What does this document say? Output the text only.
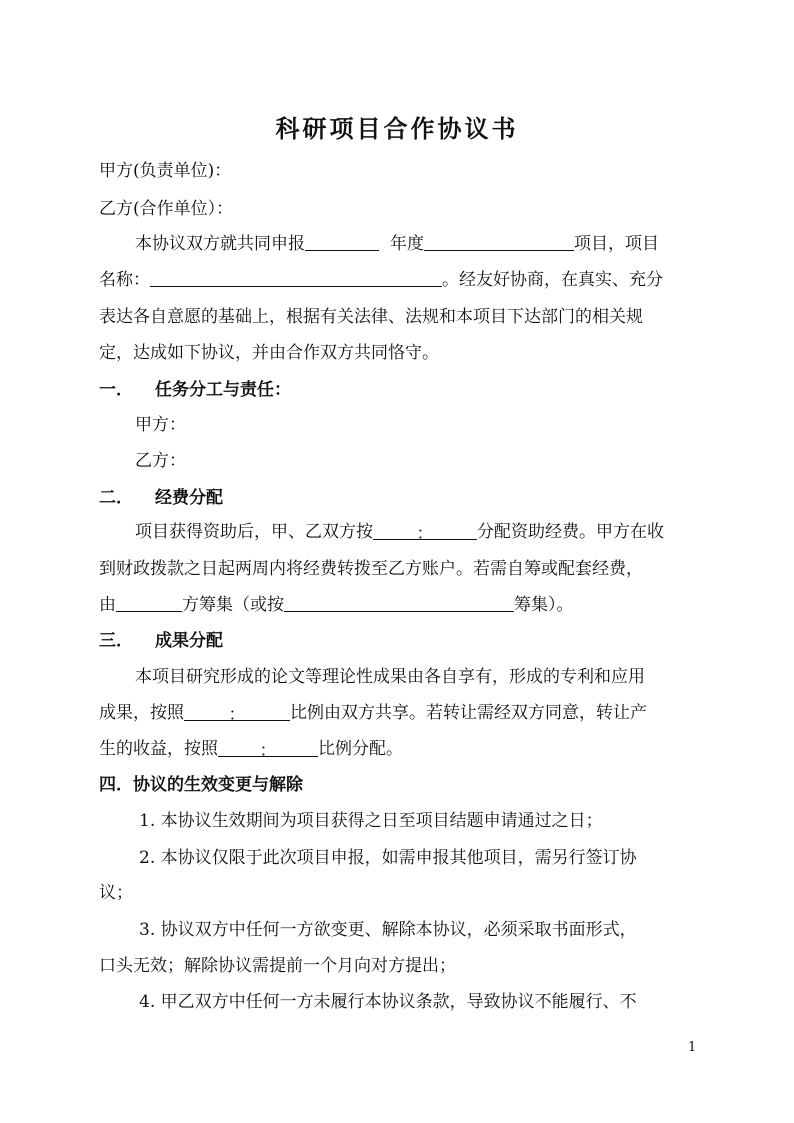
科研项目合作协议书
甲方(负责单位)：
乙方(合作单位）：
本协议双方就共同申报	年度	项目，项目
名称：	。经友好协商，在真实、充分
表达各自意愿的基础上，根据有关法律、法规和本项目下达部门的相关规
定，达成如下协议，并由合作双方共同恪守。
一． 任务分工与责任：
甲方：
乙方：
二． 经费分配
项目获得资助后，甲、乙双方按	：	分配资助经费。甲方在收
到财政拨款之日起两周内将经费转拨至乙方账户。若需自筹或配套经费，
由	方筹集（或按	筹集）。
三． 成果分配
本项目研究形成的论文等理论性成果由各自享有，形成的专利和应用
成果，按照	：	比例由双方共享。若转让需经双方同意，转让产
生的收益，按照 ： 比例分配。
四．协议的生效变更与解除
1. 本协议生效期间为项目获得之日至项目结题申请通过之日；
2. 本协议仅限于此次项目申报，如需申报其他项目，需另行签订协
议；
3. 协议双方中任何一方欲变更、解除本协议，必须采取书面形式，
口头无效；解除协议需提前一个月向对方提出；
4. 甲乙双方中任何一方未履行本协议条款，导致协议不能履行、不
1
